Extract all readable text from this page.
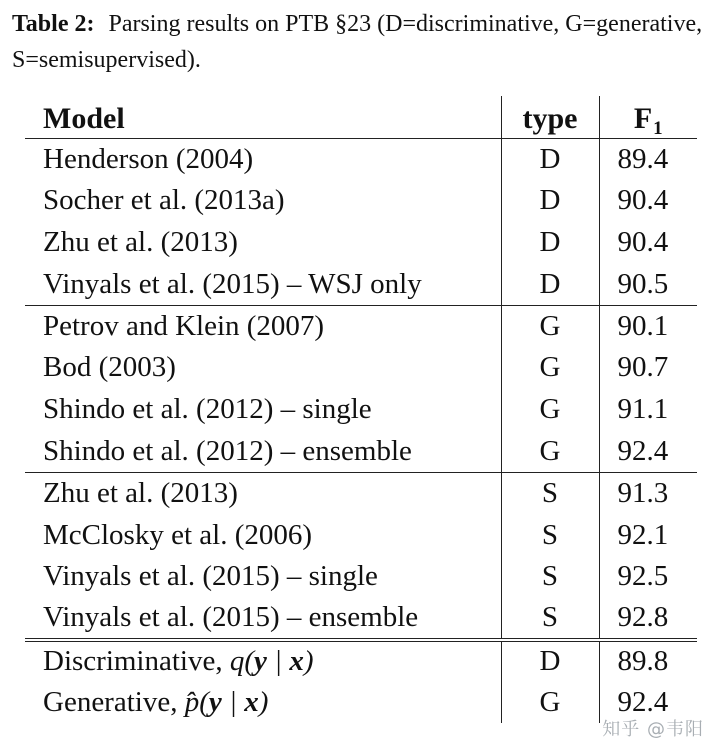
Table 2: Parsing results on PTB §23 (D=discriminative, G=generative, S=semisupervised).
Model	type	$F_1$
Henderson (2004)	D	89.4
Socher et al. (2013a)	D	90.4
Zhu et al. (2013)	D	90.4
Vinyals et al. (2015) – WSJ only	D	90.5
Petrov and Klein (2007)	G	90.1
Bod (2003)	G	90.7
Shindo et al. (2012) – single	G	91.1
Shindo et al. (2012) – ensemble	G	92.4
Zhu et al. (2013)	S	91.3
McClosky et al. (2006)	S	92.1
Vinyals et al. (2015) – single	S	92.5
Vinyals et al. (2015) – ensemble	S	92.8
Discriminative, q(y | x)	D	89.8
Generative, p̂(y | x)	G	92.4
知乎 @韦阳
